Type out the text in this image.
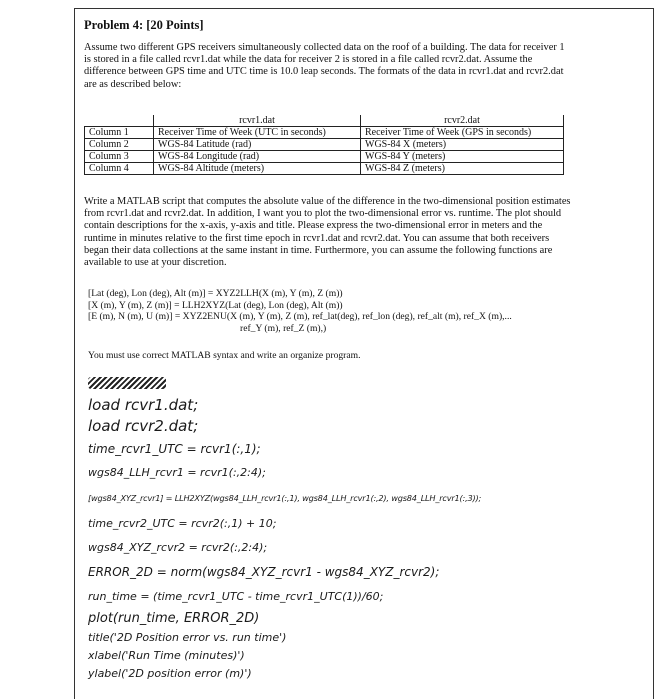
Problem 4: [20 Points]
Assume two different GPS receivers simultaneously collected data on the roof of a building. The data for receiver 1 is stored in a file called rcvr1.dat while the data for receiver 2 is stored in a file called rcvr2.dat. Assume the difference between GPS time and UTC time is 10.0 leap seconds. The formats of the data in rcvr1.dat and rcvr2.dat are as described below:
	rcvr1.dat	rcvr2.dat
Column 1	Receiver Time of Week (UTC in seconds)	Receiver Time of Week (GPS in seconds)
Column 2	WGS-84 Latitude (rad)	WGS-84 X (meters)
Column 3	WGS-84 Longitude (rad)	WGS-84 Y (meters)
Column 4	WGS-84 Altitude (meters)	WGS-84 Z (meters)
Write a MATLAB script that computes the absolute value of the difference in the two-dimensional position estimates from rcvr1.dat and rcvr2.dat. In addition, I want you to plot the two-dimensional error vs. runtime. The plot should contain descriptions for the x-axis, y-axis and title. Please express the two-dimensional error in meters and the runtime in minutes relative to the first time epoch in rcvr1.dat and rcvr2.dat. You can assume that both receivers began their data collections at the same instant in time. Furthermore, you can assume the following functions are available to use at your discretion.
[Lat (deg), Lon (deg), Alt (m)] = XYZ2LLH(X (m), Y (m), Z (m))
[X (m), Y (m), Z (m)] = LLH2XYZ(Lat (deg), Lon (deg), Alt (m))
[E (m), N (m), U (m)] = XYZ2ENU(X (m), Y (m), Z (m), ref_lat(deg), ref_lon (deg), ref_alt (m), ref_X (m),...
ref_Y (m), ref_Z (m),)
You must use correct MATLAB syntax and write an organize program.
load rcvr1.dat;
load rcvr2.dat;
time_rcvr1_UTC = rcvr1(:,1);
wgs84_LLH_rcvr1 = rcvr1(:,2:4);
[wgs84_XYZ_rcvr1] = LLH2XYZ(wgs84_LLH_rcvr1(:,1), wgs84_LLH_rcvr1(:,2), wgs84_LLH_rcvr1(:,3));
time_rcvr2_UTC = rcvr2(:,1) + 10;
wgs84_XYZ_rcvr2 = rcvr2(:,2:4);
ERROR_2D = norm(wgs84_XYZ_rcvr1 - wgs84_XYZ_rcvr2);
run_time = (time_rcvr1_UTC - time_rcvr1_UTC(1))/60;
plot(run_time, ERROR_2D)
title('2D Position error vs. run time')
xlabel('Run Time (minutes)')
ylabel('2D position error (m)')
